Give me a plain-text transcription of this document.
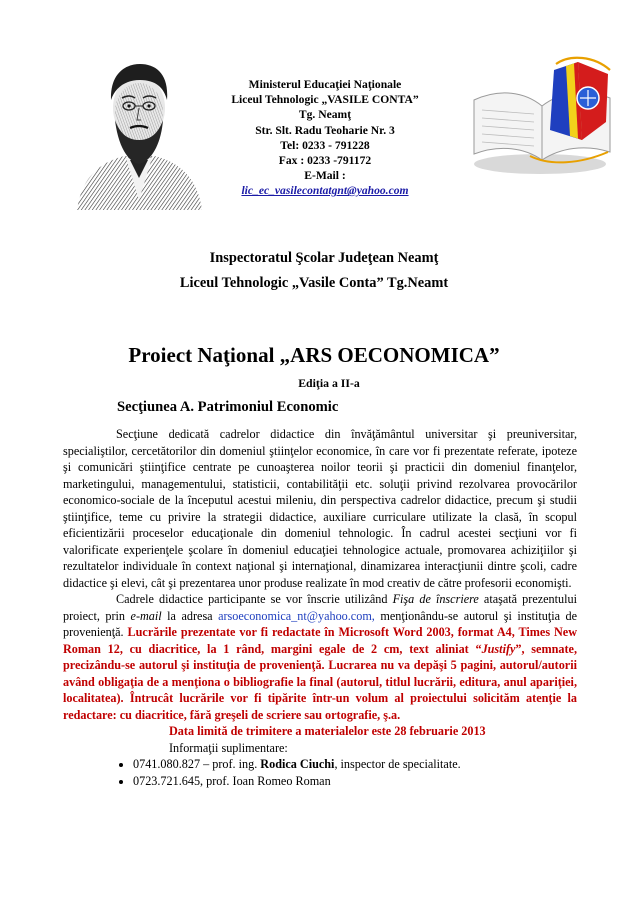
Ministerul Educaţiei Naţionale
Liceul Tehnologic „VASILE CONTA”
Tg. Neamţ
Str. Slt. Radu Teoharie Nr. 3
Tel: 0233 - 791228
Fax : 0233 -791172
E-Mail :
lic_ec_vasilecontatgnt@yahoo.com
Inspectoratul Şcolar Judeţean Neamţ
Liceul Tehnologic „Vasile Conta” Tg.Neamt
Proiect Naţional „ARS OECONOMICA”
Ediţia a II-a
Secţiunea A. Patrimoniul Economic

Secţiune dedicată cadrelor didactice din învăţământul universitar şi preuniversitar, specialiştilor, cercetătorilor din domeniul ştiinţelor economice, în care vor fi prezentate referate, ipoteze şi comunicări ştiinţifice centrate pe cunoaşterea noilor teorii şi practicii din domeniul finanţelor, marketingului, managementului, statisticii, contabilităţii etc. soluţii privind rezolvarea provocărilor economico-sociale de la începutul acestui mileniu, din perspectiva cadrelor didactice, precum şi studii ştiinţifice, teme cu privire la strategii didactice, auxiliare curriculare utilizate la clasă, în scopul eficientizării proceselor educaţionale din domeniul tehnologic. În cadrul acestei secţiuni vor fi valorificate experienţele şcolare în domeniul educaţiei tehnologice actuale, promovarea achiziţiilor şi rezultatelor individuale în context naţional şi internaţional, dinamizarea interacţiunii dintre şcoli, cadre didactice şi elevi, cât şi prezentarea unor produse realizate în mod creativ de către profesorii economişti.

Cadrele didactice participante se vor înscrie utilizând Fişa de înscriere ataşată prezentului proiect, prin e-mail la adresa arsoeconomica_nt@yahoo.com, menţionându-se autorul şi instituţia de provenienţă. Lucrările prezentate vor fi redactate în Microsoft Word 2003, format A4, Times New Roman 12, cu diacritice, la 1 rând, margini egale de 2 cm, text aliniat “Justify”, semnate, precizându-se autorul şi instituţia de provenienţă. Lucrarea nu va depăşi 5 pagini, autorul/autorii având obligaţia de a menţiona o bibliografie la final (autorul, titlul lucrării, editura, anul apariţiei, localitatea). Întrucât lucrările vor fi tipărite într-un volum al proiectului solicităm atenţie la redactare: cu diacritice, fără greşeli de scriere sau ortografie, ş.a.

Data limită de trimitere a materialelor este 28 februarie 2013

Informaţii suplimentare:

• 0741.080.827 – prof. ing. Rodica Ciuchi, inspector de specialitate.
• 0723.721.645, prof. Ioan Romeo Roman
